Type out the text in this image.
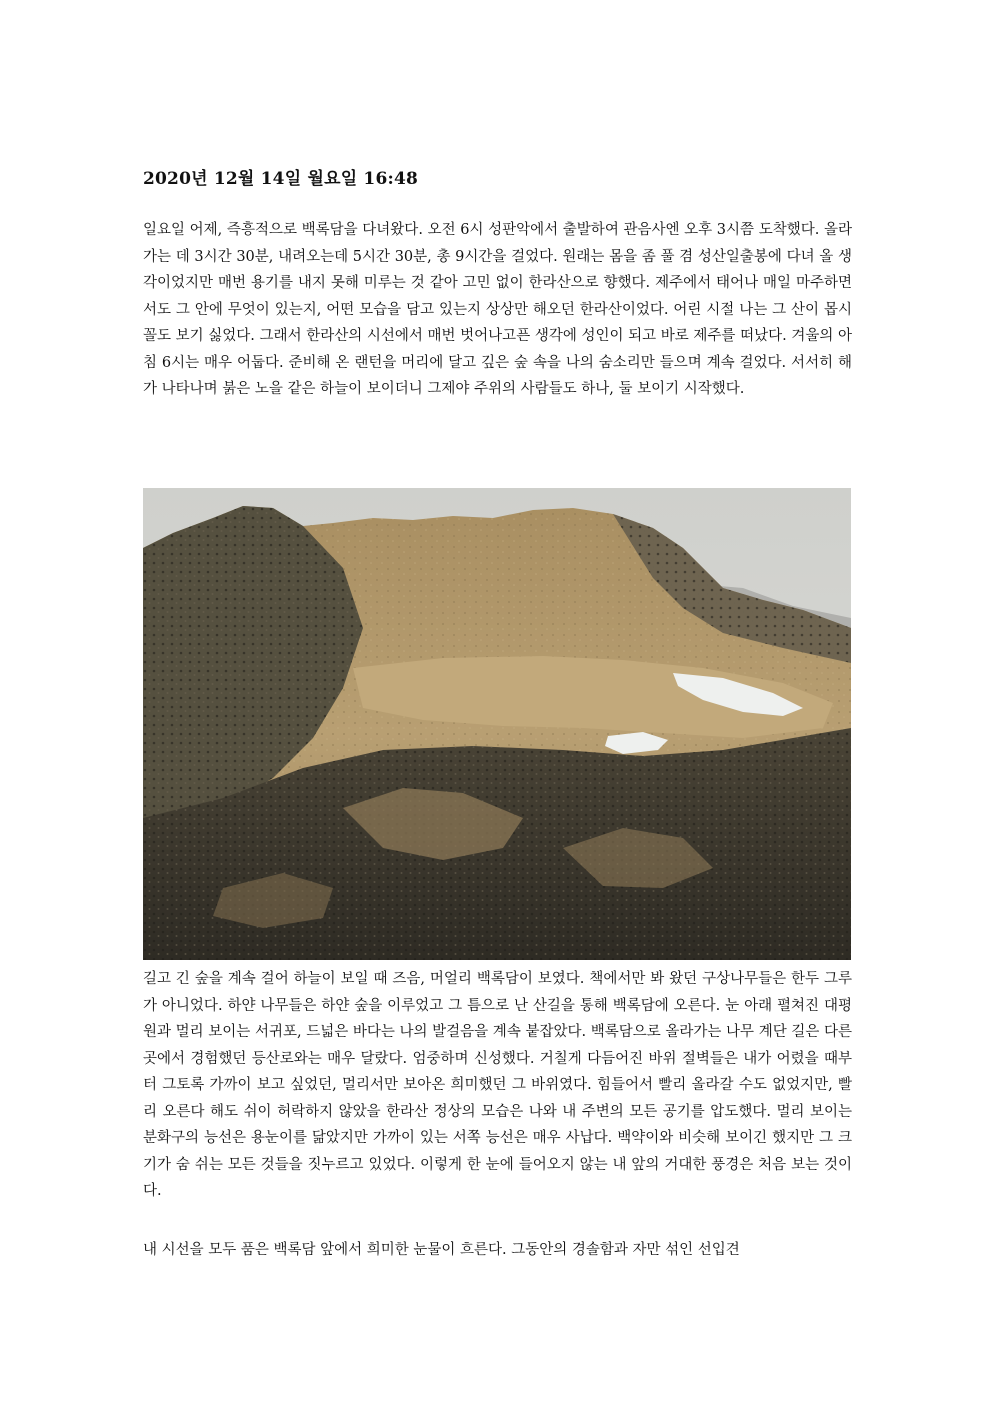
2020년 12월 14일 월요일 16:48
일요일 어제, 즉흥적으로 백록담을 다녀왔다. 오전 6시 성판악에서 출발하여 관음사엔 오후 3시쯤 도착했다. 올라가는 데 3시간 30분, 내려오는데 5시간 30분, 총 9시간을 걸었다. 원래는 몸을 좀 풀 겸 성산일출봉에 다녀 올 생각이었지만 매번 용기를 내지 못해 미루는 것 같아 고민 없이 한라산으로 향했다. 제주에서 태어나 매일 마주하면서도 그 안에 무엇이 있는지, 어떤 모습을 담고 있는지 상상만 해오던 한라산이었다. 어린 시절 나는 그 산이 몹시 꼴도 보기 싫었다. 그래서 한라산의 시선에서 매번 벗어나고픈 생각에 성인이 되고 바로 제주를 떠났다. 겨울의 아침 6시는 매우 어둡다. 준비해 온 랜턴을 머리에 달고 깊은 숲 속을 나의 숨소리만 들으며 계속 걸었다. 서서히 해가 나타나며 붉은 노을 같은 하늘이 보이더니 그제야 주위의 사람들도 하나, 둘 보이기 시작했다.
길고 긴 숲을 계속 걸어 하늘이 보일 때 즈음, 머얼리 백록담이 보였다. 책에서만 봐 왔던 구상나무들은 한두 그루가 아니었다. 하얀 나무들은 하얀 숲을 이루었고 그 틈으로 난 산길을 통해 백록담에 오른다. 눈 아래 펼쳐진 대평원과 멀리 보이는 서귀포, 드넓은 바다는 나의 발걸음을 계속 붙잡았다. 백록담으로 올라가는 나무 계단 길은 다른 곳에서 경험했던 등산로와는 매우 달랐다. 엄중하며 신성했다. 거칠게 다듬어진 바위 절벽들은 내가 어렸을 때부터 그토록 가까이 보고 싶었던, 멀리서만 보아온 희미했던 그 바위였다. 힘들어서 빨리 올라갈 수도 없었지만, 빨리 오른다 해도 쉬이 허락하지 않았을 한라산 정상의 모습은 나와 내 주변의 모든 공기를 압도했다. 멀리 보이는 분화구의 능선은 용눈이를 닮았지만 가까이 있는 서쪽 능선은 매우 사납다. 백약이와 비슷해 보이긴 했지만 그 크기가 숨 쉬는 모든 것들을 짓누르고 있었다. 이렇게 한 눈에 들어오지 않는 내 앞의 거대한 풍경은 처음 보는 것이다.
내 시선을 모두 품은 백록담 앞에서 희미한 눈물이 흐른다. 그동안의 경솔함과 자만 섞인 선입견
